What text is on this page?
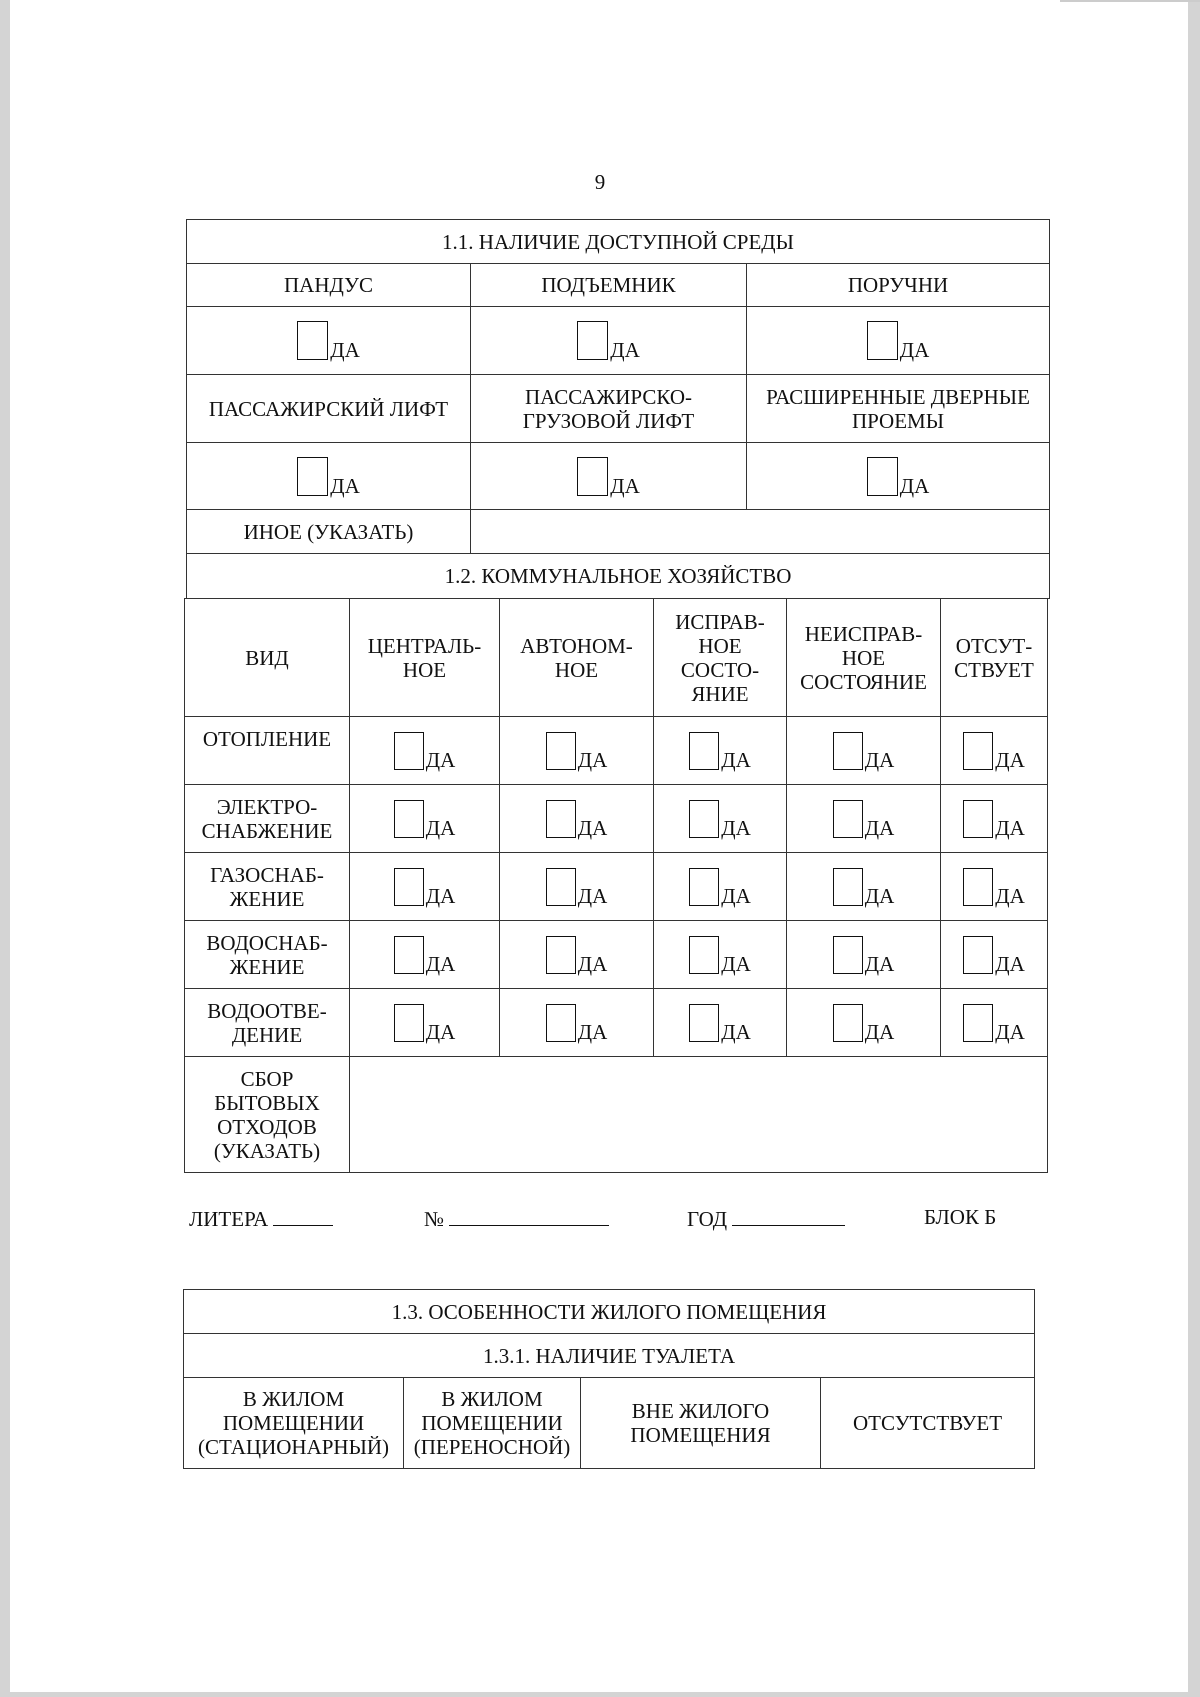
9
1.1. НАЛИЧИЕ ДОСТУПНОЙ СРЕДЫ		
ПАНДУС	ПОДЪЕМНИК	ПОРУЧНИ
ДА	ДА	ДА
ПАССАЖИРСКИЙ ЛИФТ	ПАССАЖИРСКО-ГРУЗОВОЙ ЛИФТ	РАСШИРЕННЫЕ ДВЕРНЫЕ ПРОЕМЫ
ДА	ДА	ДА
ИНОЕ (УКАЗАТЬ)		
1.2. КОММУНАЛЬНОЕ ХОЗЯЙСТВО		
ВИД	ЦЕНТРАЛЬ-НОЕ	АВТОНОМ-НОЕ	ИСПРАВ-НОЕ СОСТО-ЯНИЕ	НЕИСПРАВ-НОЕ СОСТОЯНИЕ	ОТСУТ-СТВУЕТ
ОТОПЛЕНИЕ	ДА	ДА	ДА	ДА	ДА
ЭЛЕКТРО-СНАБЖЕНИЕ	ДА	ДА	ДА	ДА	ДА
ГАЗОСНАБ-ЖЕНИЕ	ДА	ДА	ДА	ДА	ДА
ВОДОСНАБ-ЖЕНИЕ	ДА	ДА	ДА	ДА	ДА
ВОДООТВЕ-ДЕНИЕ	ДА	ДА	ДА	ДА	ДА
СБОР БЫТОВЫХ ОТХОДОВ (УКАЗАТЬ)					
ЛИТЕРА	№	ГОД	БЛОК Б
1.3. ОСОБЕННОСТИ ЖИЛОГО ПОМЕЩЕНИЯ
1.3.1. НАЛИЧИЕ ТУАЛЕТА
В ЖИЛОМ ПОМЕЩЕНИИ (СТАЦИОНАРНЫЙ)	В ЖИЛОМ ПОМЕЩЕНИИ (ПЕРЕНОСНОЙ)	ВНЕ ЖИЛОГО ПОМЕЩЕНИЯ	ОТСУТСТВУЕТ
